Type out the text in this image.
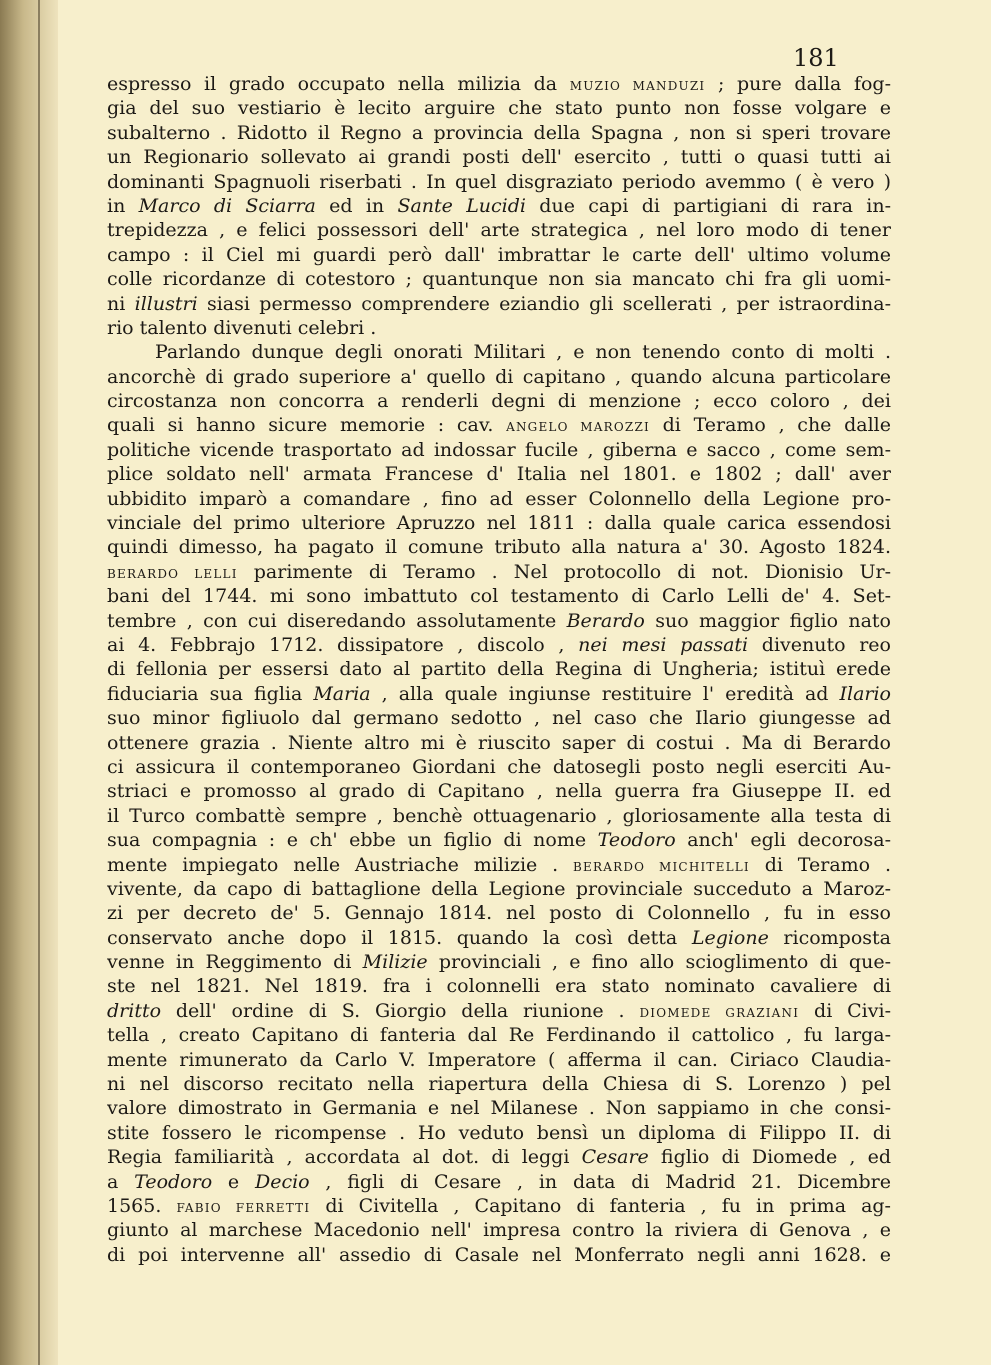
181
espresso il grado occupato nella milizia da MUZIO MANDUZI ; pure dalla fog-
gia del suo vestiario è lecito arguire che stato punto non fosse volgare e
subalterno . Ridotto il Regno a provincia della Spagna , non si speri trovare
un Regionario sollevato ai grandi posti dell' esercito , tutti o quasi tutti ai
dominanti Spagnuoli riserbati . In quel disgraziato periodo avemmo ( è vero )
in Marco di Sciarra ed in Sante Lucidi due capi di partigiani di rara in-
trepidezza , e felici possessori dell' arte strategica , nel loro modo di tener
campo : il Ciel mi guardi però dall' imbrattar le carte dell' ultimo volume
colle ricordanze di cotestoro ; quantunque non sia mancato chi fra gli uomi-
ni illustri siasi permesso comprendere eziandio gli scellerati , per istraordina-
rio talento divenuti celebri .
Parlando dunque degli onorati Militari , e non tenendo conto di molti .
ancorchè di grado superiore a' quello di capitano , quando alcuna particolare
circostanza non concorra a renderli degni di menzione ; ecco coloro , dei
quali si hanno sicure memorie : cav. ANGELO MAROZZI di Teramo , che dalle
politiche vicende trasportato ad indossar fucile , giberna e sacco , come sem-
plice soldato nell' armata Francese d' Italia nel 1801. e 1802 ; dall' aver
ubbidito imparò a comandare , fino ad esser Colonnello della Legione pro-
vinciale del primo ulteriore Apruzzo nel 1811 : dalla quale carica essendosi
quindi dimesso, ha pagato il comune tributo alla natura a' 30. Agosto 1824.
BERARDO LELLI parimente di Teramo . Nel protocollo di not. Dionisio Ur-
bani del 1744. mi sono imbattuto col testamento di Carlo Lelli de' 4. Set-
tembre , con cui diseredando assolutamente Berardo suo maggior figlio nato
ai 4. Febbrajo 1712. dissipatore , discolo , nei mesi passati divenuto reo
di fellonia per essersi dato al partito della Regina di Ungheria; istituì erede
fiduciaria sua figlia Maria , alla quale ingiunse restituire l' eredità ad Ilario
suo minor figliuolo dal germano sedotto , nel caso che Ilario giungesse ad
ottenere grazia . Niente altro mi è riuscito saper di costui . Ma di Berardo
ci assicura il contemporaneo Giordani che datosegli posto negli eserciti Au-
striaci e promosso al grado di Capitano , nella guerra fra Giuseppe II. ed
il Turco combattè sempre , benchè ottuagenario , gloriosamente alla testa di
sua compagnia : e ch' ebbe un figlio di nome Teodoro anch' egli decorosa-
mente impiegato nelle Austriache milizie . BERARDO MICHITELLI di Teramo .
vivente, da capo di battaglione della Legione provinciale succeduto a Maroz-
zi per decreto de' 5. Gennajo 1814. nel posto di Colonnello , fu in esso
conservato anche dopo il 1815. quando la così detta Legione ricomposta
venne in Reggimento di Milizie provinciali , e fino allo scioglimento di que-
ste nel 1821. Nel 1819. fra i colonnelli era stato nominato cavaliere di
dritto dell' ordine di S. Giorgio della riunione . DIOMEDE GRAZIANI di Civi-
tella , creato Capitano di fanteria dal Re Ferdinando il cattolico , fu larga-
mente rimunerato da Carlo V. Imperatore ( afferma il can. Ciriaco Claudia-
ni nel discorso recitato nella riapertura della Chiesa di S. Lorenzo ) pel
valore dimostrato in Germania e nel Milanese . Non sappiamo in che consi-
stite fossero le ricompense . Ho veduto bensì un diploma di Filippo II. di
Regia familiarità , accordata al dot. di leggi Cesare figlio di Diomede , ed
a Teodoro e Decio , figli di Cesare , in data di Madrid 21. Dicembre
1565. FABIO FERRETTI di Civitella , Capitano di fanteria , fu in prima ag-
giunto al marchese Macedonio nell' impresa contro la riviera di Genova , e
di poi intervenne all' assedio di Casale nel Monferrato negli anni 1628. e
